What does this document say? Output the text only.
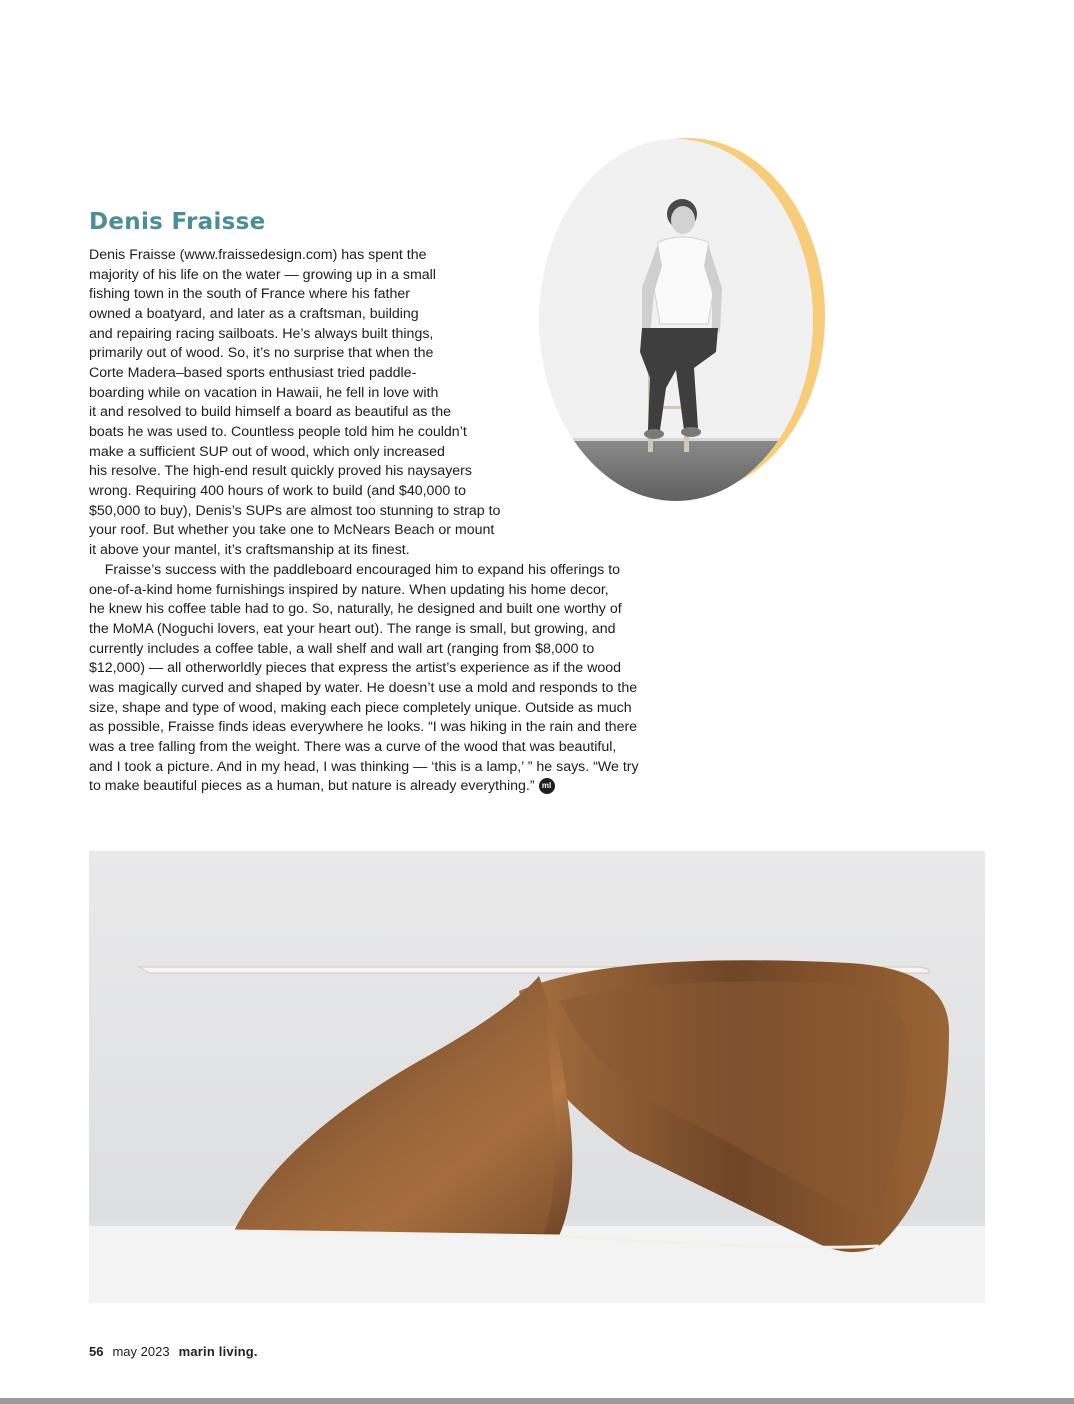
Denis Fraisse

Denis Fraisse (www.fraissedesign.com) has spent the
majority of his life on the water — growing up in a small
fishing town in the south of France where his father
owned a boatyard, and later as a craftsman, building
and repairing racing sailboats. He’s always built things,
primarily out of wood. So, it’s no surprise that when the
Corte Madera–based sports enthusiast tried paddle-
boarding while on vacation in Hawaii, he fell in love with
it and resolved to build himself a board as beautiful as the
boats he was used to. Countless people told him he couldn’t
make a sufficient SUP out of wood, which only increased
his resolve. The high-end result quickly proved his naysayers
wrong. Requiring 400 hours of work to build (and $40,000 to
$50,000 to buy), Denis’s SUPs are almost too stunning to strap to
your roof. But whether you take one to McNears Beach or mount
it above your mantel, it’s craftsmanship at its finest.

Fraisse’s success with the paddleboard encouraged him to expand his offerings to
one-of-a-kind home furnishings inspired by nature. When updating his home decor,
he knew his coffee table had to go. So, naturally, he designed and built one worthy of
the MoMA (Noguchi lovers, eat your heart out). The range is small, but growing, and
currently includes a coffee table, a wall shelf and wall art (ranging from $8,000 to
$12,000) — all otherworldly pieces that express the artist’s experience as if the wood
was magically curved and shaped by water. He doesn’t use a mold and responds to the
size, shape and type of wood, making each piece completely unique. Outside as much
as possible, Fraisse finds ideas everywhere he looks. “I was hiking in the rain and there
was a tree falling from the weight. There was a curve of the wood that was beautiful,
and I took a picture. And in my head, I was thinking — ‘this is a lamp,’ ” he says. “We try
to make beautiful pieces as a human, but nature is already everything.” ml

56 may 2023 marin living.
